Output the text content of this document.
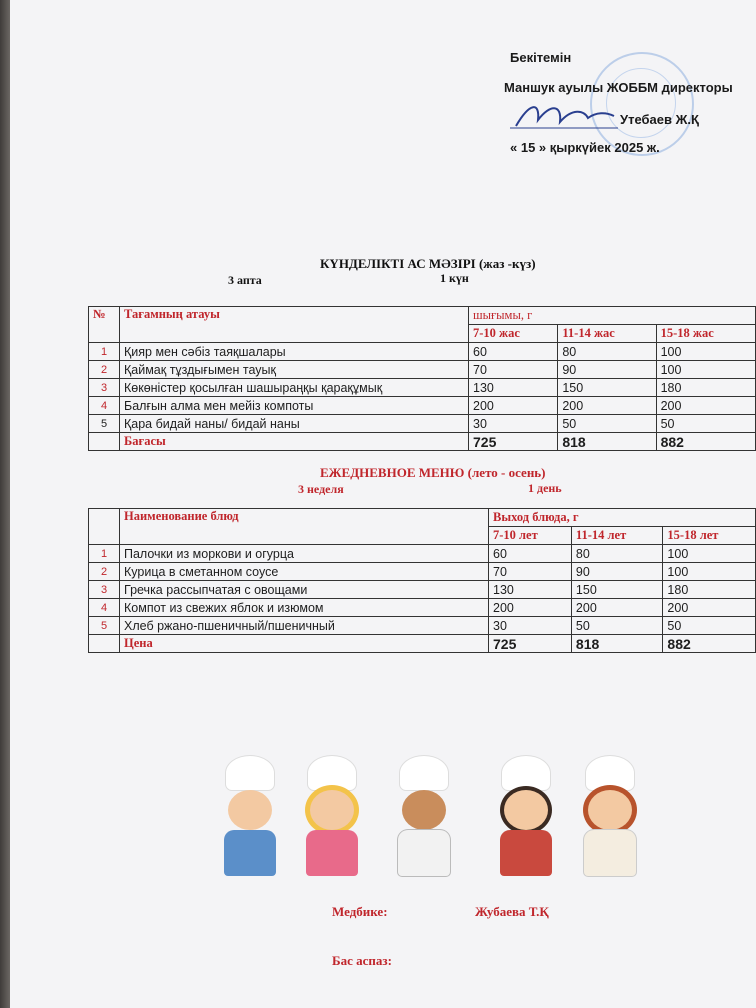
Бекітемін
Маншук ауылы ЖОББМ директоры
Утебаев Ж.Қ
« 15 » қыркүйек 2025 ж.
КҮНДЕЛІКТІ АС МӘЗІРІ (жаз -күз)
3 апта	1 күн
№	Тағамның атауы	шығымы, г		
		7-10 жас	11-14 жас	15-18 жас
1	Қияр мен сәбіз таяқшалары	60	80	100
2	Қаймақ тұздығымен тауық	70	90	100
3	Көкөністер қосылған шашыраңқы қарақұмық	130	150	180
4	Балғын алма мен мейіз компоты	200	200	200
5	Қара бидай наны/ бидай наны	30	50	50
	Бағасы	725	818	882
ЕЖЕДНЕВНОЕ МЕНЮ (лето - осень)
3 неделя	1 день
	Наименование блюд	Выход блюда, г		
		7-10 лет	11-14 лет	15-18 лет
1	Палочки из моркови и огурца	60	80	100
2	Курица в сметанном соусе	70	90	100
3	Гречка рассыпчатая с овощами	130	150	180
4	Компот из свежих яблок и изюмом	200	200	200
5	Хлеб ржано-пшеничный/пшеничный	30	50	50
	Цена	725	818	882
Медбике:	Жубаева Т.Қ
Бас аспаз:
